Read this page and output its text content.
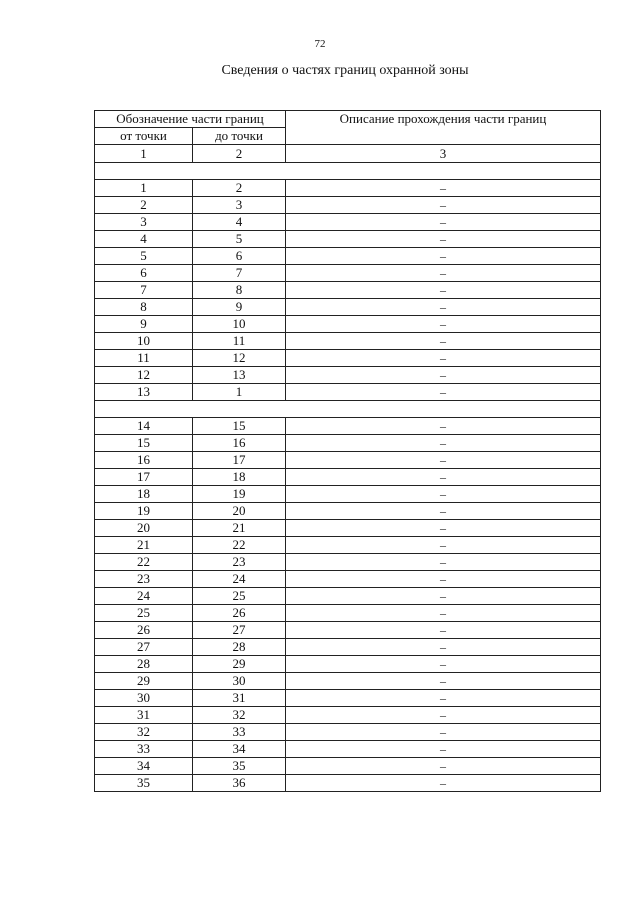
72
Сведения о частях границ охранной зоны
Обозначение части границ		Описание прохождения части границ
от точки	до точки	
1	2	3

1	2	–
2	3	–
3	4	–
4	5	–
5	6	–
6	7	–
7	8	–
8	9	–
9	10	–
10	11	–
11	12	–
12	13	–
13	1	–

14	15	–
15	16	–
16	17	–
17	18	–
18	19	–
19	20	–
20	21	–
21	22	–
22	23	–
23	24	–
24	25	–
25	26	–
26	27	–
27	28	–
28	29	–
29	30	–
30	31	–
31	32	–
32	33	–
33	34	–
34	35	–
35	36	–
